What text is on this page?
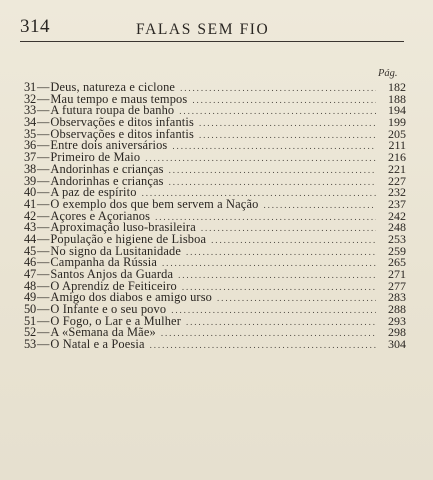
314	FALAS SEM FIO
Pág.
31 — Deus, natureza e ciclone .....	182
32 — Mau tempo e maus tempos .....	188
33 — A futura roupa de banho .....	194
34 — Observações e ditos infantis .....	199
35 — Observações e ditos infantis .....	205
36 — Entre dois aniversários .....	211
37 — Primeiro de Maio .....	216
38 — Andorinhas e crianças .....	221
39 — Andorinhas e crianças .....	227
40 — A paz de espírito .....	232
41 — O exemplo dos que bem servem a Nação .....	237
42 — Açores e Açorianos .....	242
43 — Aproximação luso-brasileira .....	248
44 — População e higiene de Lisboa .....	253
45 — No signo da Lusitanidade .....	259
46 — Campanha da Rússia .....	265
47 — Santos Anjos da Guarda .....	271
48 — O Aprendiz de Feiticeiro .....	277
49 — Amigo dos diabos e amigo urso .....	283
50 — O Infante e o seu povo .....	288
51 — O Fogo, o Lar e a Mulher .....	293
52 — A «Semana da Mãe» .....	298
53 — O Natal e a Poesia .....	304
